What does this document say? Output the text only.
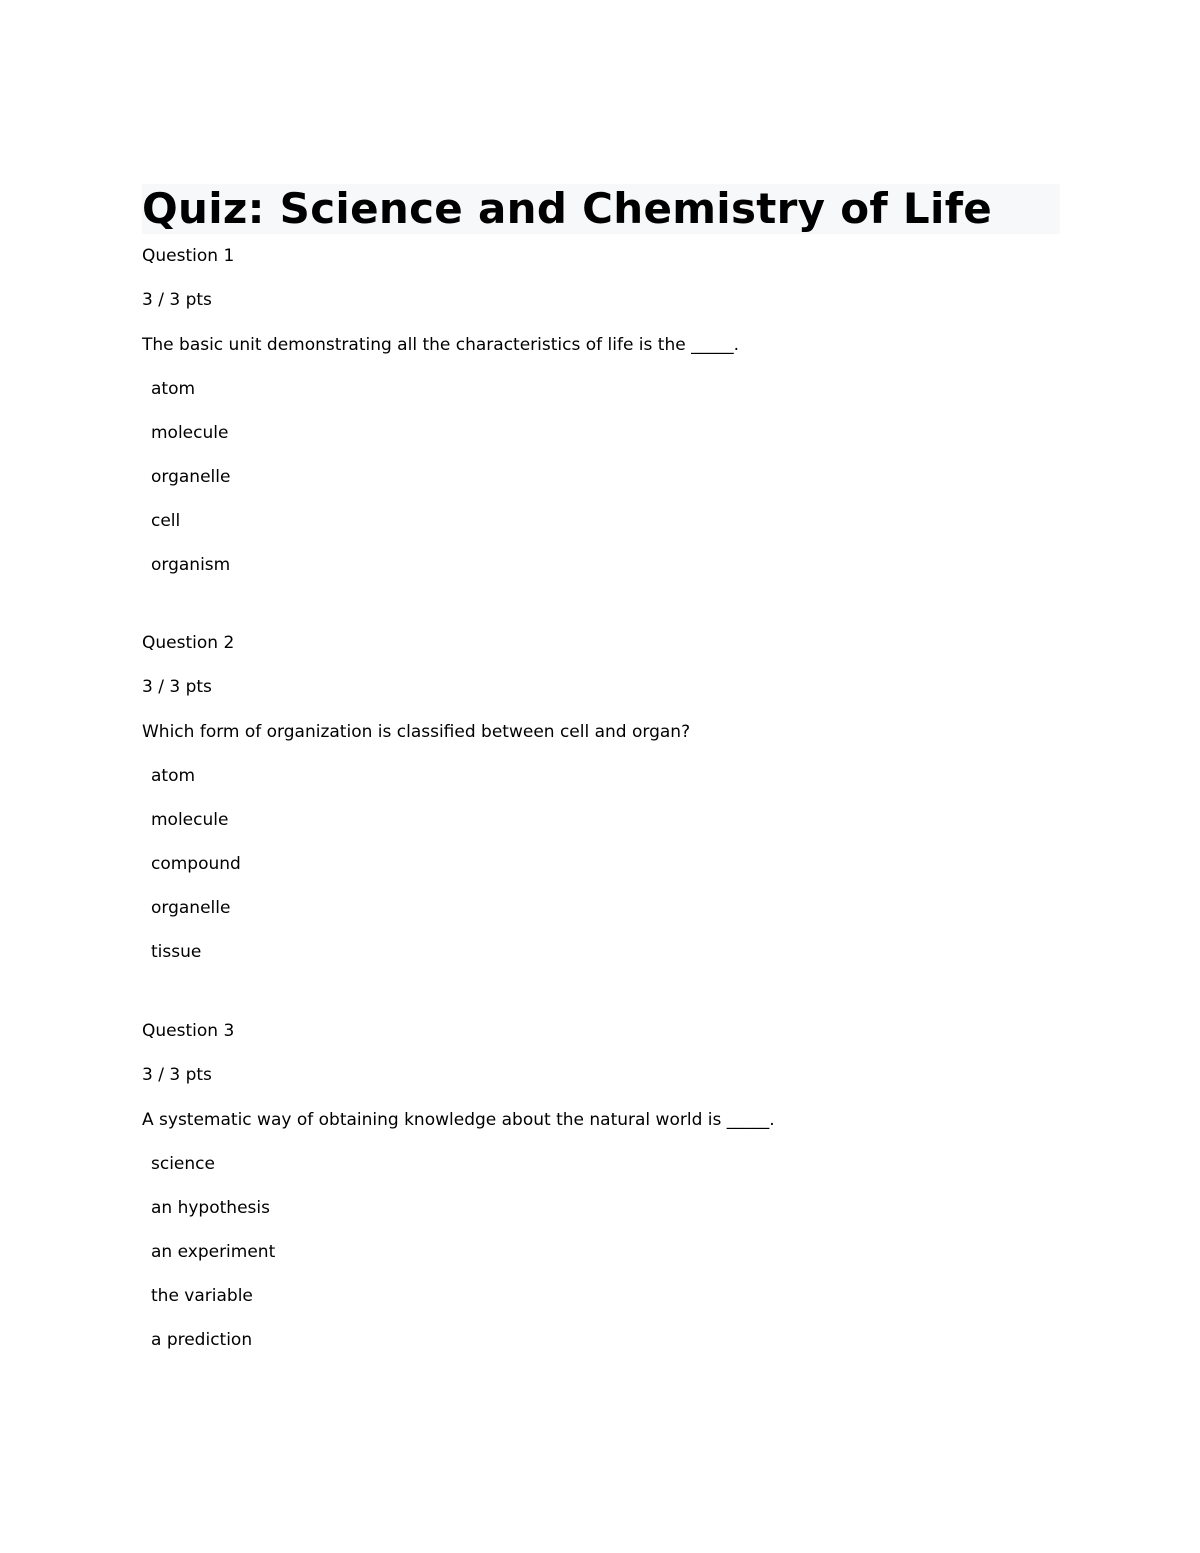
Quiz: Science and Chemistry of Life
Question 1
3 / 3 pts
The basic unit demonstrating all the characteristics of life is the _____.
atom
molecule
organelle
cell
organism
Question 2
3 / 3 pts
Which form of organization is classified between cell and organ?
atom
molecule
compound
organelle
tissue
Question 3
3 / 3 pts
A systematic way of obtaining knowledge about the natural world is _____.
science
an hypothesis
an experiment
the variable
a prediction
